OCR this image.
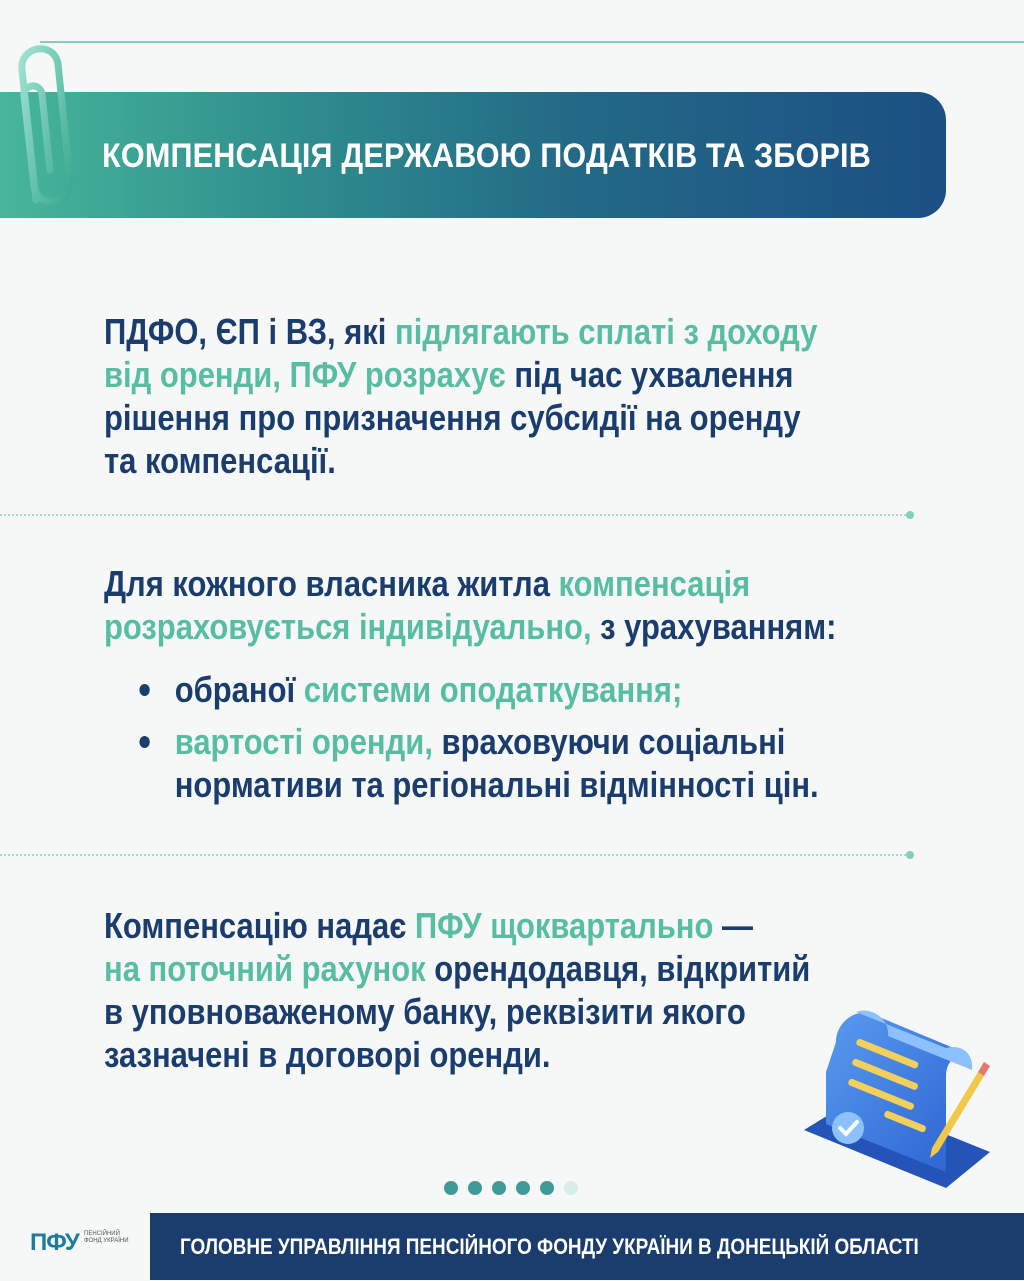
КОМПЕНСАЦІЯ ДЕРЖАВОЮ ПОДАТКІВ ТА ЗБОРІВ

ПДФО, ЄП і ВЗ, які підлягають сплаті з доходу
від оренди, ПФУ розрахує під час ухвалення
рішення про призначення субсидії на оренду
та компенсації.

Для кожного власника житла компенсація
розраховується індивідуально, з урахуванням:

обраної системи оподаткування;
вартості оренди, враховуючи соціальні
нормативи та регіональні відмінності цін.

Компенсацію надає ПФУ щоквартально —
на поточний рахунок орендодавця, відкритий
в уповноваженому банку, реквізити якого
зазначені в договорі оренди.

ПФУ ПЕНСІЙНИЙ ФОНД УКРАЇНИ ГОЛОВНЕ УПРАВЛІННЯ ПЕНСІЙНОГО ФОНДУ УКРАЇНИ В ДОНЕЦЬКІЙ ОБЛАСТІ
